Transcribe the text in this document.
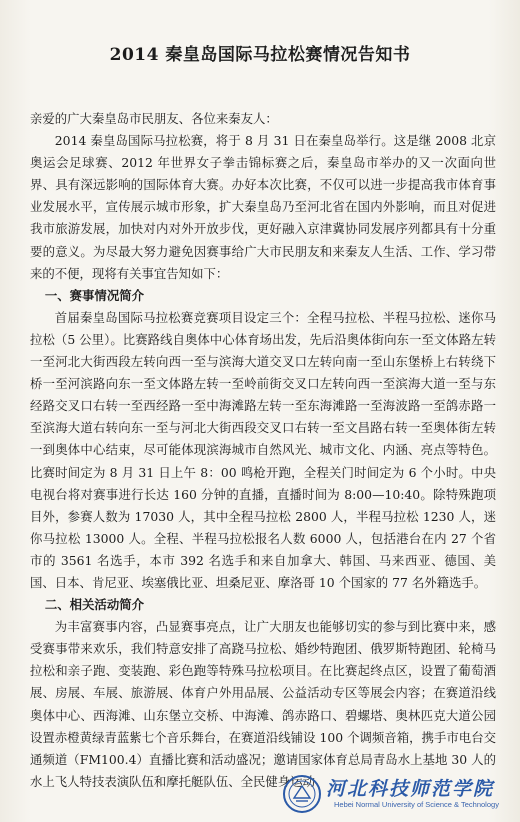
2014 秦皇岛国际马拉松赛情况告知书

亲爱的广大秦皇岛市民朋友、各位来秦友人：

2014 秦皇岛国际马拉松赛，将于 8 月 31 日在秦皇岛举行。这是继 2008 北京奥运会足球赛、2012 年世界女子拳击锦标赛之后，秦皇岛市举办的又一次面向世界、具有深远影响的国际体育大赛。办好本次比赛，不仅可以进一步提高我市体育事业发展水平，宣传展示城市形象，扩大秦皇岛乃至河北省在国内外影响，而且对促进我市旅游发展，加快对内对外开放步伐，更好融入京津冀协同发展序列都具有十分重要的意义。为尽最大努力避免因赛事给广大市民朋友和来秦友人生活、工作、学习带来的不便，现将有关事宜告知如下：

一、赛事情况简介

首届秦皇岛国际马拉松赛竞赛项目设定三个：全程马拉松、半程马拉松、迷你马拉松（5 公里）。比赛路线自奥体中心体育场出发，先后沿奥体街向东一至文体路左转一至河北大街西段左转向西一至与滨海大道交叉口左转向南一至山东堡桥上右转绕下桥一至河滨路向东一至文体路左转一至岭前街交叉口左转向西一至滨海大道一至与东经路交叉口右转一至西经路一至中海滩路左转一至东海滩路一至海波路一至鸽赤路一至滨海大道右转向东一至与河北大街西段交叉口右转一至文昌路右转一至奥体街左转一到奥体中心结束，尽可能体现滨海城市自然风光、城市文化、内涵、亮点等特色。比赛时间定为 8 月 31 日上午 8：00 鸣枪开跑，全程关门时间定为 6 个小时。中央电视台将对赛事进行长达 160 分钟的直播，直播时间为 8:00—10:40。除特殊跑项目外，参赛人数为 17030 人，其中全程马拉松 2800 人，半程马拉松 1230 人，迷你马拉松 13000 人。全程、半程马拉松报名人数 6000 人，包括港台在内 27 个省市的 3561 名选手，本市 392 名选手和来自加拿大、韩国、马来西亚、德国、美国、日本、肯尼亚、埃塞俄比亚、坦桑尼亚、摩洛哥 10 个国家的 77 名外籍选手。

二、相关活动简介

为丰富赛事内容，凸显赛事亮点，让广大朋友也能够切实的参与到比赛中来，感受赛事带来欢乐，我们特意安排了高跷马拉松、婚纱特跑团、俄罗斯特跑团、轮椅马拉松和亲子跑、变装跑、彩色跑等特殊马拉松项目。在比赛起终点区，设置了葡萄酒展、房展、车展、旅游展、体育户外用品展、公益活动专区等展会内容；在赛道沿线奥体中心、西海滩、山东堡立交桥、中海滩、鸽赤路口、碧螺塔、奥林匹克大道公园设置赤橙黄绿青蓝紫七个音乐舞台，在赛道沿线铺设 100 个调频音箱，携手市电台交通频道（FM100.4）直播比赛和活动盛况；邀请国家体育总局青岛水上基地 30 人的水上飞人特技表演队伍和摩托艇队伍、全民健身运动 河北科技师范学院
Hebei Normal University of Science & Technology
